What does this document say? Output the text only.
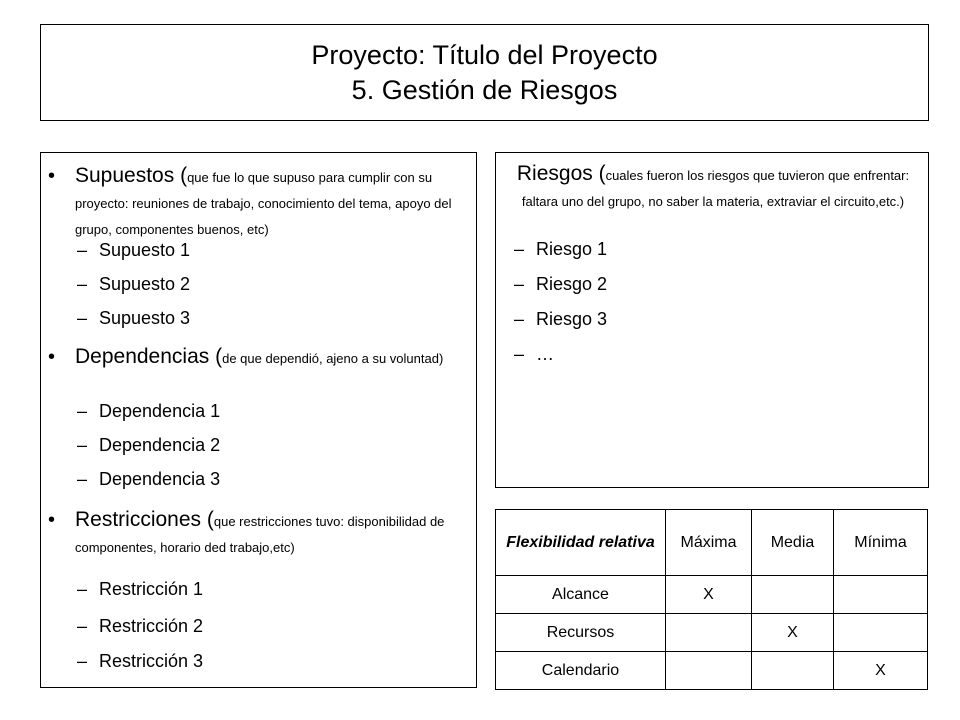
Proyecto: Título del Proyecto
5. Gestión de Riesgos
• Supuestos (que fue lo que supuso para cumplir con su proyecto: reuniones de trabajo, conocimiento del tema, apoyo del grupo, componentes buenos, etc)
– Supuesto 1
– Supuesto 2
– Supuesto 3
• Dependencias (de que dependió, ajeno a su voluntad)
– Dependencia 1
– Dependencia 2
– Dependencia 3
• Restricciones (que restricciones tuvo: disponibilidad de componentes, horario ded trabajo,etc)
– Restricción 1
– Restricción 2
– Restricción 3
Riesgos (cuales fueron los riesgos que tuvieron que enfrentar: faltara uno del grupo, no saber la materia, extraviar el circuito,etc.)
– Riesgo 1
– Riesgo 2
– Riesgo 3
– …
Flexibilidad relativa	Máxima	Media	Mínima
Alcance	X		
Recursos		X	
Calendario			X
